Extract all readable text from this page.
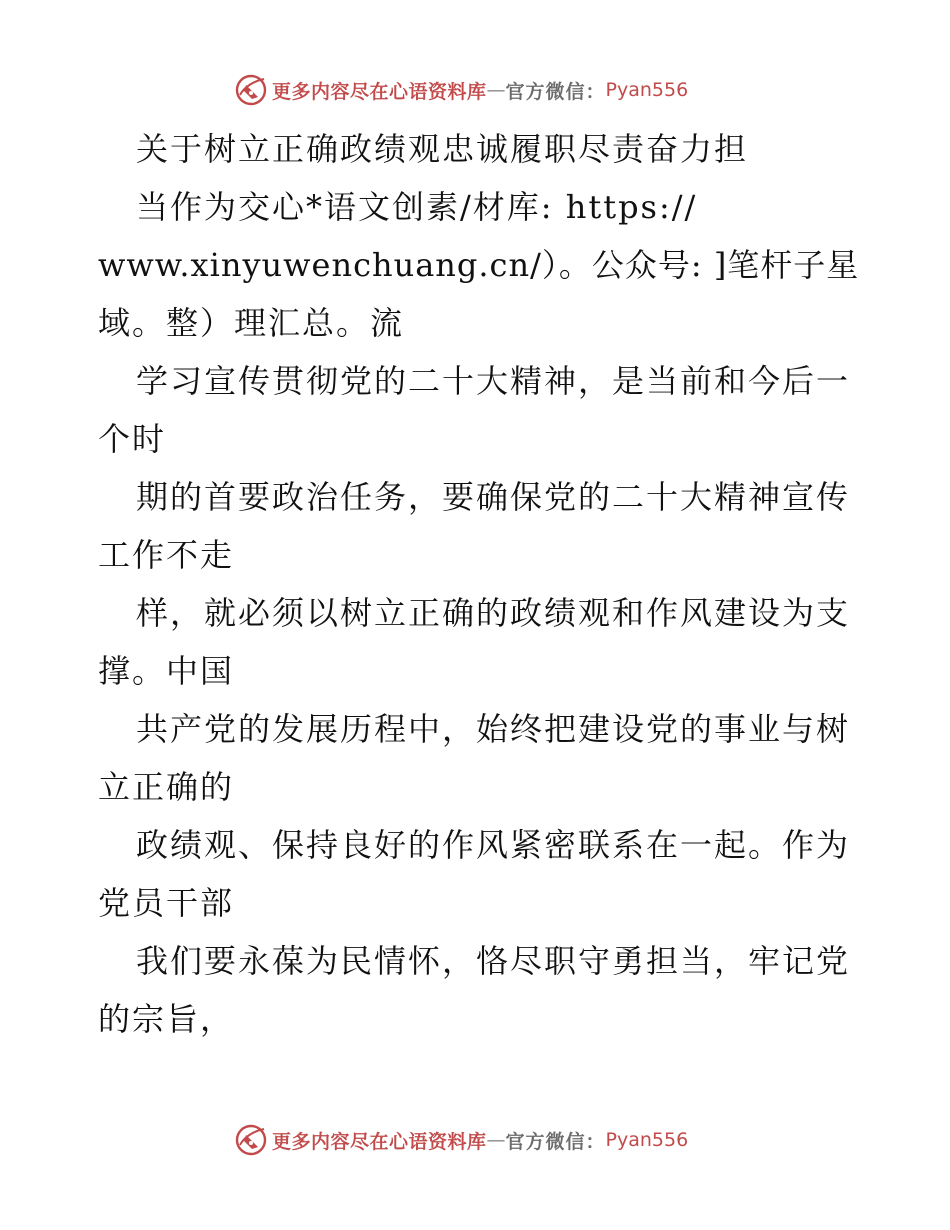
更多内容尽在心语资料库 — 官方微信： Pyan556
关于树立正确政绩观忠诚履职尽责奋力担
当作为交心*语文创素/材库: https://
www.xinyuwenchuang.cn/）。公众号: ]笔杆子星
域。整）理汇总。流
学习宣传贯彻党的二十大精神，是当前和今后一
个时
期的首要政治任务，要确保党的二十大精神宣传
工作不走
样，就必须以树立正确的政绩观和作风建设为支
撑。中国
共产党的发展历程中，始终把建设党的事业与树
立正确的
政绩观、保持良好的作风紧密联系在一起。作为
党员干部
我们要永葆为民情怀，恪尽职守勇担当，牢记党
的宗旨，
更多内容尽在心语资料库 — 官方微信： Pyan556
